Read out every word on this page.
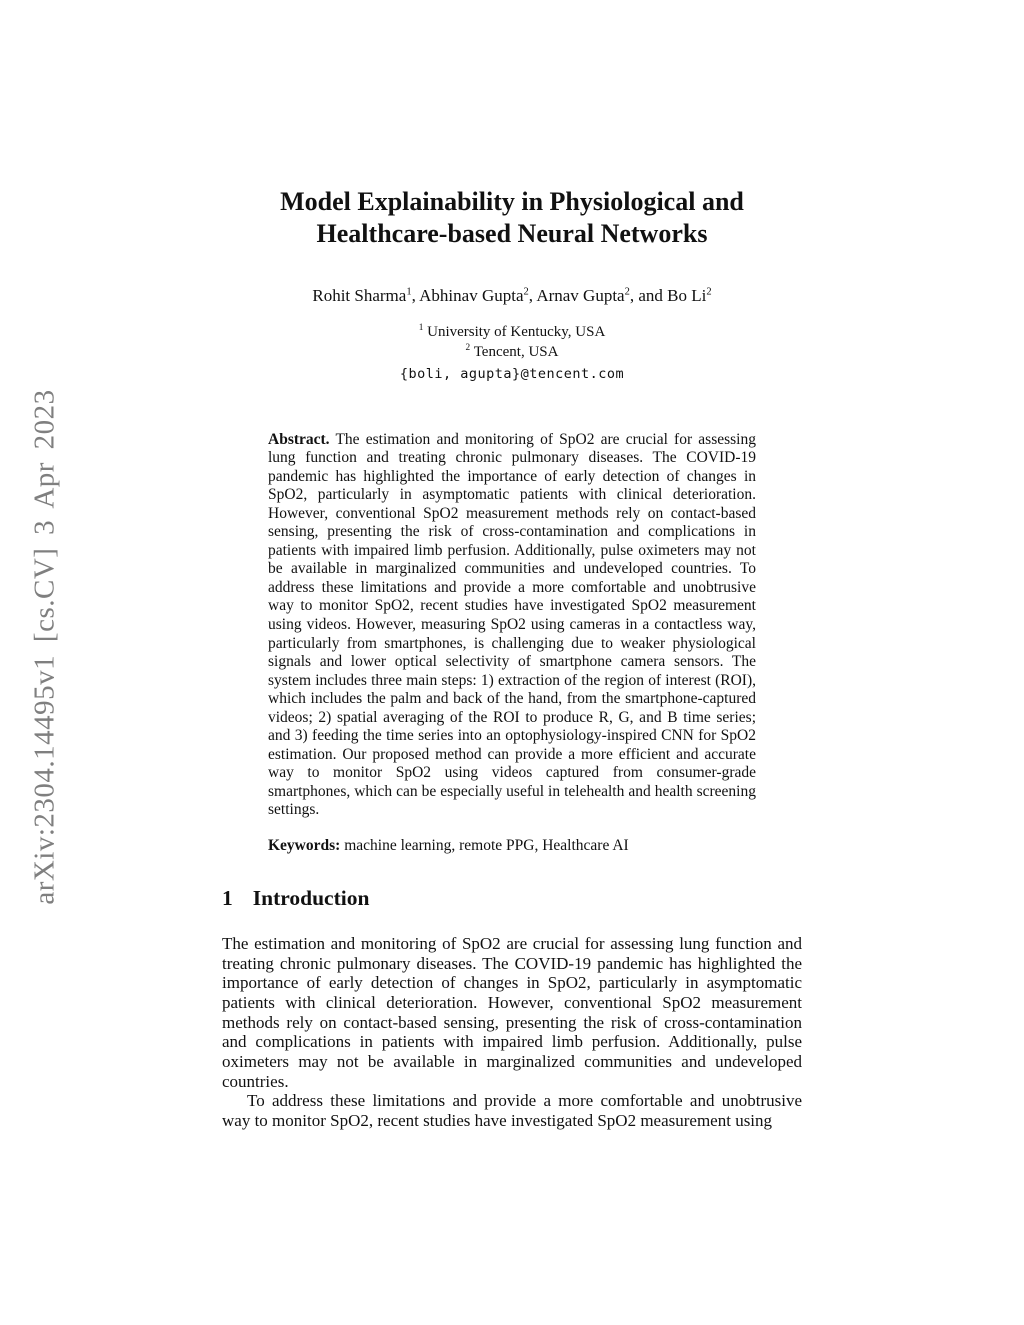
arXiv:2304.14495v1 [cs.CV] 3 Apr 2023
Model Explainability in Physiological and
Healthcare-based Neural Networks
Rohit Sharma$^1$, Abhinav Gupta$^2$, Arnav Gupta$^2$, and Bo Li$^2$
$^1$ University of Kentucky, USA
$^2$ Tencent, USA
{boli, agupta}@tencent.com

Abstract. The estimation and monitoring of SpO2 are crucial for assessing lung function and treating chronic pulmonary diseases. The COVID-19 pandemic has highlighted the importance of early detection of changes in SpO2, particularly in asymptomatic patients with clinical deterioration. However, conventional SpO2 measurement methods rely on contact-based sensing, presenting the risk of cross-contamination and complications in patients with impaired limb perfusion. Additionally, pulse oximeters may not be available in marginalized communities and undeveloped countries. To address these limitations and provide a more comfortable and unobtrusive way to monitor SpO2, recent studies have investigated SpO2 measurement using videos. However, measuring SpO2 using cameras in a contactless way, particularly from smartphones, is challenging due to weaker physiological signals and lower optical selectivity of smartphone camera sensors. The system includes three main steps: 1) extraction of the region of interest (ROI), which includes the palm and back of the hand, from the smartphone-captured videos; 2) spatial averaging of the ROI to produce R, G, and B time series; and 3) feeding the time series into an optophysiology-inspired CNN for SpO2 estimation. Our proposed method can provide a more efficient and accurate way to monitor SpO2 using videos captured from consumer-grade smartphones, which can be especially useful in telehealth and health screening settings.

Keywords: machine learning, remote PPG, Healthcare AI

1 Introduction

The estimation and monitoring of SpO2 are crucial for assessing lung function and treating chronic pulmonary diseases. The COVID-19 pandemic has highlighted the importance of early detection of changes in SpO2, particularly in asymptomatic patients with clinical deterioration. However, conventional SpO2 measurement methods rely on contact-based sensing, presenting the risk of cross-contamination and complications in patients with impaired limb perfusion. Additionally, pulse oximeters may not be available in marginalized communities and undeveloped countries.

To address these limitations and provide a more comfortable and unobtrusive way to monitor SpO2, recent studies have investigated SpO2 measurement using
